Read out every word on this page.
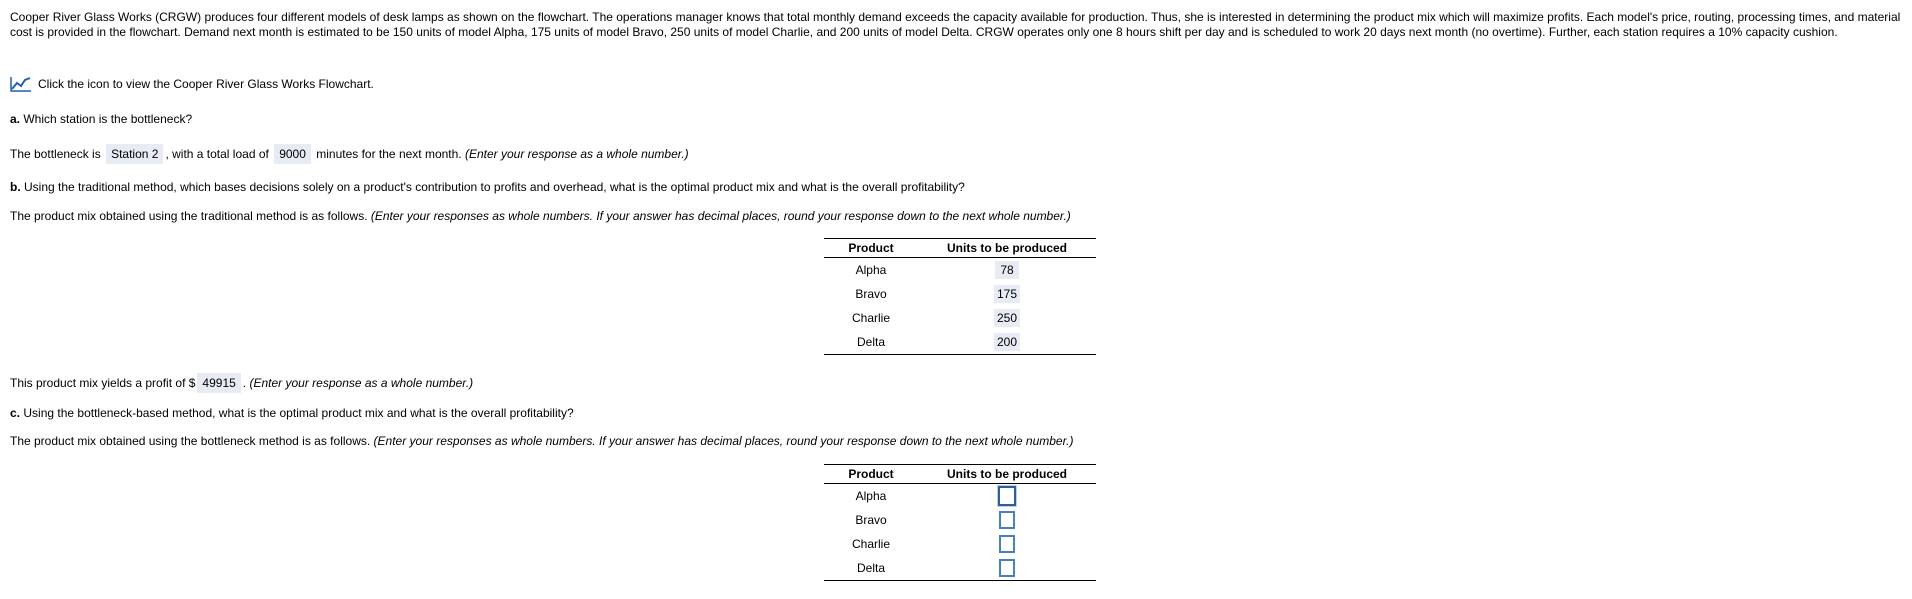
Cooper River Glass Works (CRGW) produces four different models of desk lamps as shown on the flowchart. The operations manager knows that total monthly demand exceeds the capacity available for production. Thus, she is interested in determining the product mix which will maximize profits. Each model's price, routing, processing times, and material cost is provided in the flowchart. Demand next month is estimated to be 150 units of model Alpha, 175 units of model Bravo, 250 units of model Charlie, and 200 units of model Delta. CRGW operates only one 8 hours shift per day and is scheduled to work 20 days next month (no overtime). Further, each station requires a 10% capacity cushion.
Click the icon to view the Cooper River Glass Works Flowchart.
a. Which station is the bottleneck?
The bottleneck is
Station 2 , with a total load of
9000
minutes for the next month.
(Enter your response as a whole number.)
b. Using the traditional method, which bases decisions solely on a product's contribution to profits and overhead, what is the optimal product mix and what is the overall profitability?
The product mix obtained using the traditional method is as follows. (Enter your responses as whole numbers. If your answer has decimal places, round your response down to the next whole number.)
Product	Units to be produced
Alpha	78
Bravo	175
Charlie	250
Delta	200
This product mix yields a profit of $ 49915 .
(Enter your response as a whole number.)
c. Using the bottleneck-based method, what is the optimal product mix and what is the overall profitability?
The product mix obtained using the bottleneck method is as follows. (Enter your responses as whole numbers. If your answer has decimal places, round your response down to the next whole number.)
Product	Units to be produced
Alpha	
Bravo	
Charlie	
Delta	
